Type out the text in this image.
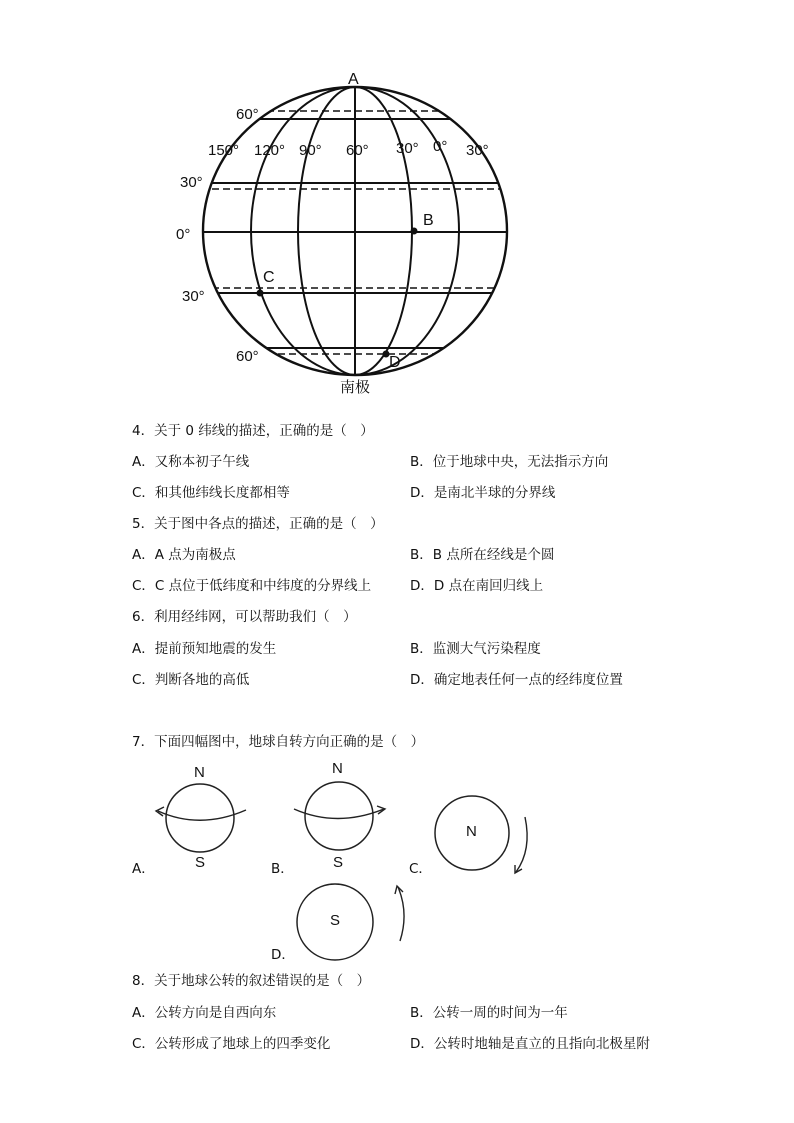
A
南极
60°
30°
0°
30°
60°
150° 120° 90° 60° 30° 0° 30°
B
C
D
4．关于 0 纬线的描述，正确的是（　）
A．又称本初子午线	B．位于地球中央，无法指示方向
C．和其他纬线长度都相等	D．是南北半球的分界线
5．关于图中各点的描述，正确的是（　）
A．A 点为南极点	B．B 点所在经线是个圆
C．C 点位于低纬度和中纬度的分界线上	D．D 点在南回归线上
6．利用经纬网，可以帮助我们（　）
A．提前预知地震的发生	B．监测大气污染程度
C．判断各地的高低	D．确定地表任何一点的经纬度位置
7．下面四幅图中，地球自转方向正确的是（　）
N
S
A．
N
S
B．
N
C．
S
D．
8．关于地球公转的叙述错误的是（　）
A．公转方向是自西向东	B．公转一周的时间为一年
C．公转形成了地球上的四季变化	D．公转时地轴是直立的且指向北极星附
